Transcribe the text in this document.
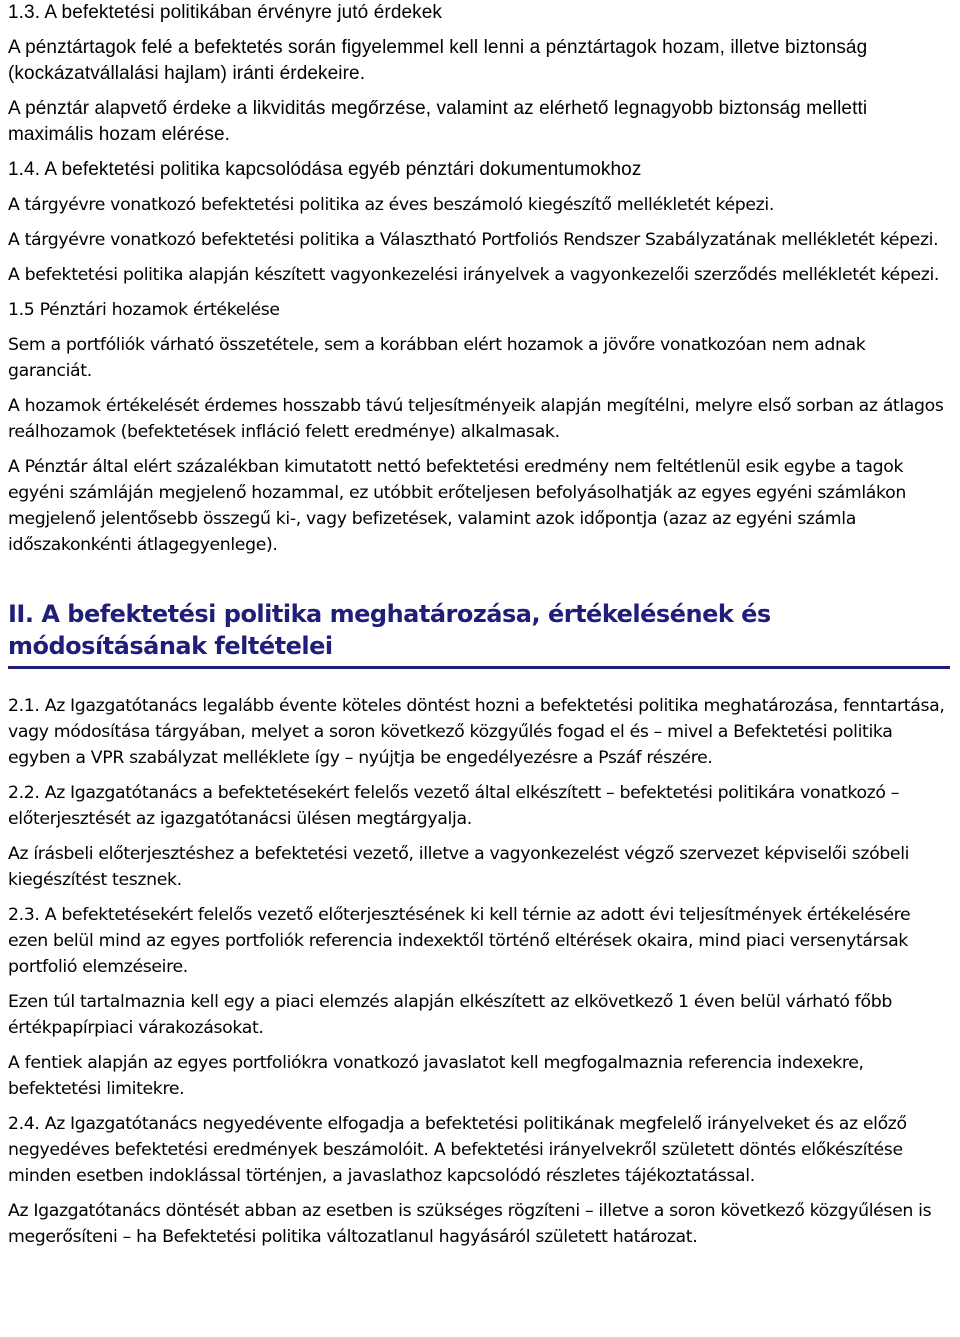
1.3. A befektetési politikában érvényre jutó érdekek

A pénztártagok felé a befektetés során figyelemmel kell lenni a pénztártagok hozam, illetve biztonság (kockázatvállalási hajlam) iránti érdekeire.

A pénztár alapvető érdeke a likviditás megőrzése, valamint az elérhető legnagyobb biztonság melletti maximális hozam elérése.

1.4. A befektetési politika kapcsolódása egyéb pénztári dokumentumokhoz

A tárgyévre vonatkozó befektetési politika az éves beszámoló kiegészítő mellékletét képezi.

A tárgyévre vonatkozó befektetési politika a Választható Portfoliós Rendszer Szabályzatának mellékletét képezi.

A befektetési politika alapján készített vagyonkezelési irányelvek a vagyonkezelői szerződés mellékletét képezi.

1.5 Pénztári hozamok értékelése

Sem a portfóliók várható összetétele, sem a korábban elért hozamok a jövőre vonatkozóan nem adnak garanciát.

A hozamok értékelését érdemes hosszabb távú teljesítményeik alapján megítélni, melyre első sorban az átlagos reálhozamok (befektetések infláció felett eredménye) alkalmasak.

A Pénztár által elért százalékban kimutatott nettó befektetési eredmény nem feltétlenül esik egybe a tagok egyéni számláján megjelenő hozammal, ez utóbbit erőteljesen befolyásolhatják az egyes egyéni számlákon megjelenő jelentősebb összegű ki-, vagy befizetések, valamint azok időpontja (azaz az egyéni számla időszakonkénti átlagegyenlege).

II. A befektetési politika meghatározása, értékelésének és módosításának feltételei

2.1. Az Igazgatótanács legalább évente köteles döntést hozni a befektetési politika meghatározása, fenntartása, vagy módosítása tárgyában, melyet a soron következő közgyűlés fogad el és – mivel a Befektetési politika egyben a VPR szabályzat melléklete így – nyújtja be engedélyezésre a Pszáf részére.

2.2. Az Igazgatótanács a befektetésekért felelős vezető által elkészített – befektetési politikára vonatkozó – előterjesztését az igazgatótanácsi ülésen megtárgyalja.

Az írásbeli előterjesztéshez a befektetési vezető, illetve a vagyonkezelést végző szervezet képviselői szóbeli kiegészítést tesznek.

2.3. A befektetésekért felelős vezető előterjesztésének ki kell térnie az adott évi teljesítmények értékelésére ezen belül mind az egyes portfoliók referencia indexektől történő eltérések okaira, mind piaci versenytársak portfolió elemzéseire.

Ezen túl tartalmaznia kell egy a piaci elemzés alapján elkészített az elkövetkező 1 éven belül várható főbb értékpapírpiaci várakozásokat.

A fentiek alapján az egyes portfoliókra vonatkozó javaslatot kell megfogalmaznia referencia indexekre, befektetési limitekre.

2.4. Az Igazgatótanács negyedévente elfogadja a befektetési politikának megfelelő irányelveket és az előző negyedéves befektetési eredmények beszámolóit. A befektetési irányelvekről született döntés előkészítése minden esetben indoklással történjen, a javaslathoz kapcsolódó részletes tájékoztatással.

Az Igazgatótanács döntését abban az esetben is szükséges rögzíteni – illetve a soron következő közgyűlésen is megerősíteni – ha Befektetési politika változatlanul hagyásáról született határozat.
